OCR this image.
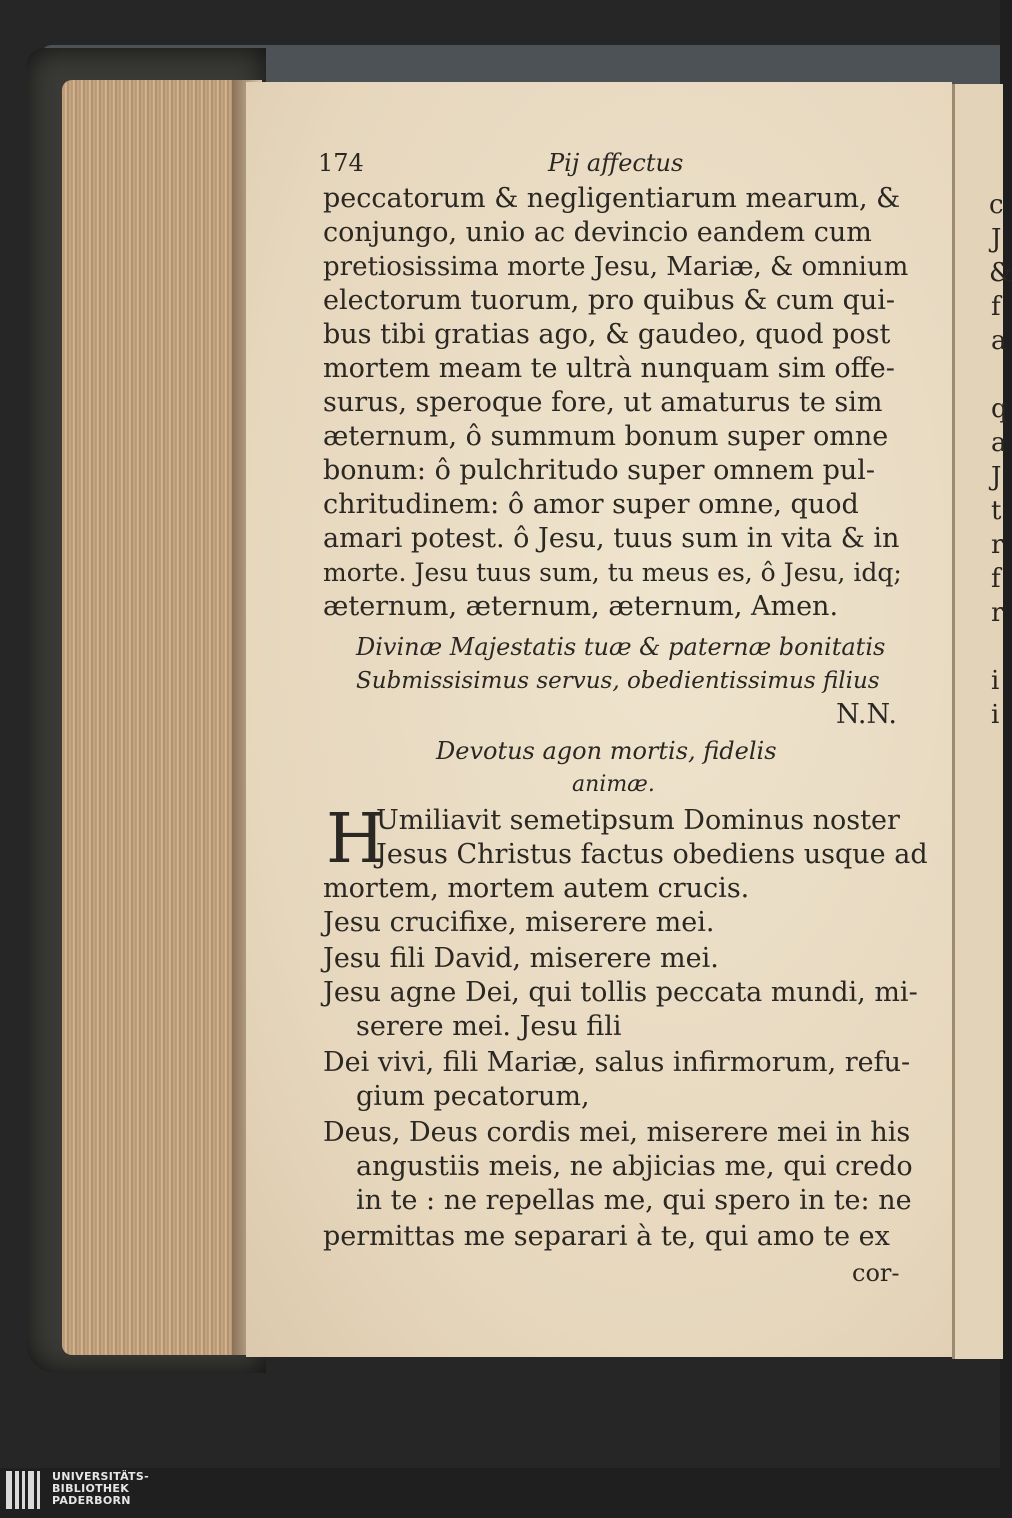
c
J
&
f
a
q
a
J
t
r
f
r
i
i
174	Pij affectus
peccatorum & negligentiarum mearum, &
conjungo, unio ac devincio eandem cum
pretiosissima morte Jesu, Mariæ, & omnium
electorum tuorum, pro quibus & cum qui-
bus tibi gratias ago, & gaudeo, quod post
mortem meam te ultrà nunquam sim offe-
surus, speroque fore, ut amaturus te sim
æternum, ô summum bonum super omne
bonum: ô pulchritudo super omnem pul-
chritudinem: ô amor super omne, quod
amari potest. ô Jesu, tuus sum in vita & in
morte. Jesu tuus sum, tu meus es, ô Jesu, idq;
æternum, æternum, æternum, Amen.
Divinæ Majestatis tuæ & paternæ bonitatis
Submissisimus servus, obedientissimus filius
N.N.
Devotus agon mortis, fidelis
animæ.
H
Umiliavit semetipsum Dominus noster
Jesus Christus factus obediens usque ad
mortem, mortem autem crucis.
Jesu crucifixe, miserere mei.
Jesu fili David, miserere mei.
Jesu agne Dei, qui tollis peccata mundi, mi-
serere mei. Jesu fili
Dei vivi, fili Mariæ, salus infirmorum, refu-
gium pecatorum,
Deus, Deus cordis mei, miserere mei in his
angustiis meis, ne abjicias me, qui credo
in te : ne repellas me, qui spero in te: ne
permittas me separari à te, qui amo te ex
cor-
UNIVERSITÄTS-
BIBLIOTHEK
PADERBORN
